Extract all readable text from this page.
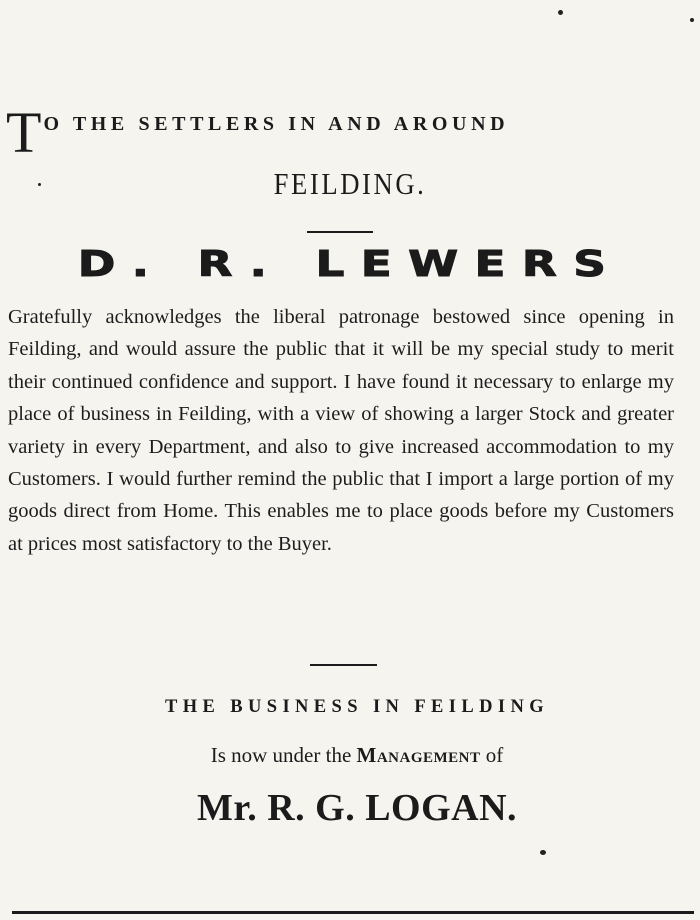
T O THE SETTLERS IN AND AROUND
FEILDING.
D. R. LEWERS

Gratefully acknowledges the liberal patronage bestowed since opening in Feilding, and would assure the public that it will be my special study to merit their continued confidence and support. I have found it necessary to enlarge my place of business in Feilding, with a view of showing a larger Stock and greater variety in every Department, and also to give increased accommodation to my Customers. I would further remind the public that I import a large portion of my goods direct from Home. This enables me to place goods before my Customers at prices most satisfactory to the Buyer.

THE BUSINESS IN FEILDING
Is now under the Management of
Mr. R. G. LOGAN.
